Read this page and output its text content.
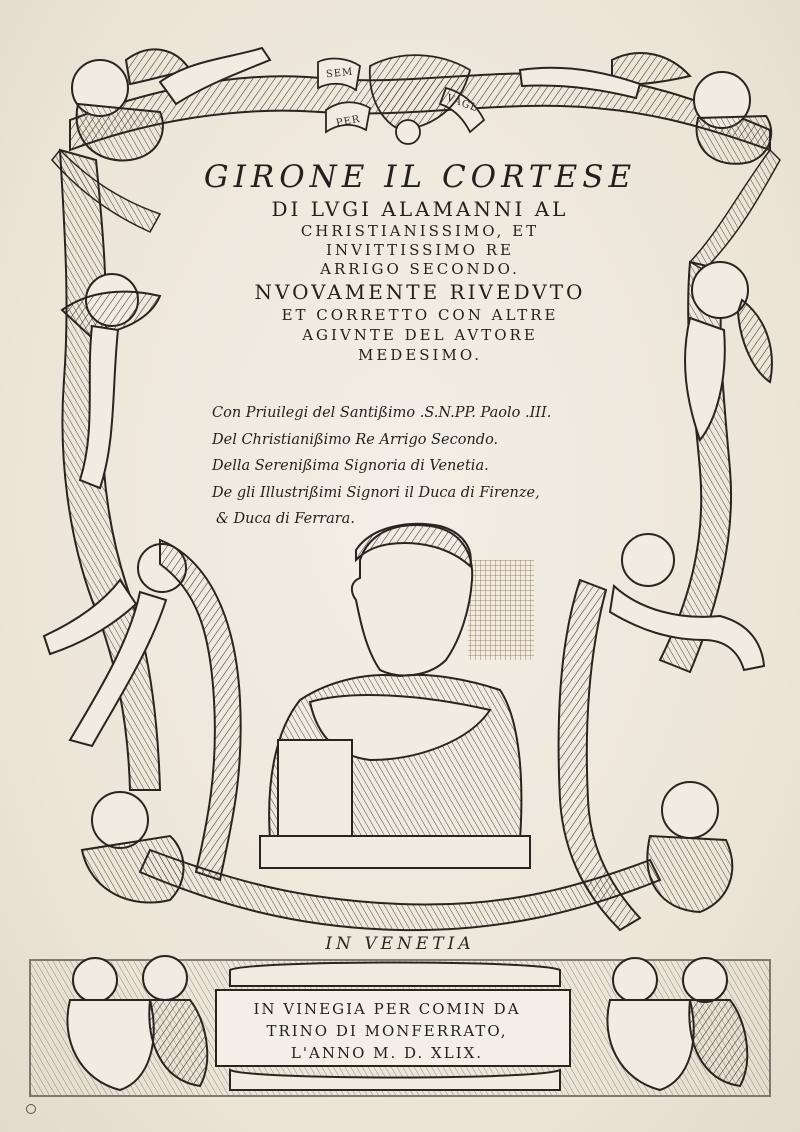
SEM
PER
VAGL

GIRONE IL CORTESE

DI LVGI ALAMANNI AL

CHRISTIANISSIMO, ET

INVITTISSIMO RE

ARRIGO SECONDO.

NVOVAMENTE RIVEDVTO

ET CORRETTO CON ALTRE

AGIVNTE DEL AVTORE

MEDESIMO.

Con Priuilegi del Santißimo .S.N.PP. Paolo .III.
Del Christianißimo Re Arrigo Secondo.
Della Serenißima Signoria di Venetia.
De gli Illustrißimi Signori il Duca di Firenze,
& Duca di Ferrara.
IN VENETIA
IN VINEGIA PER COMIN DA
TRINO DI MONFERRATO,
L'ANNO M. D. XLIX.
